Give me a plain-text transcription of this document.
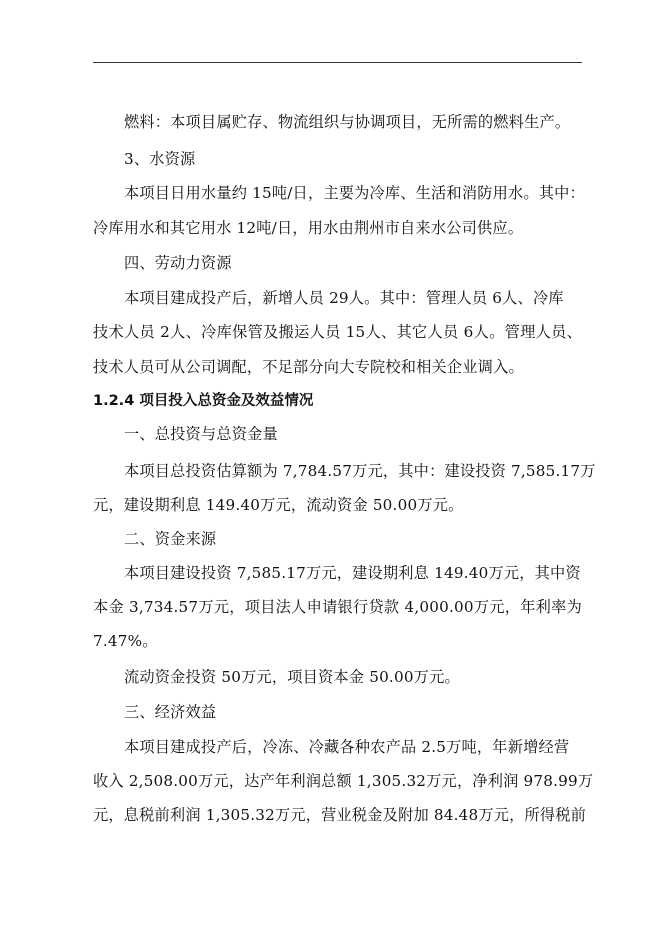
燃料：本项目属贮存、物流组织与协调项目，无所需的燃料生产。
3、水资源
本项目日用水量约 15吨/日，主要为冷库、生活和消防用水。其中：
冷库用水和其它用水 12吨/日，用水由荆州市自来水公司供应。
四、劳动力资源
本项目建成投产后，新增人员 29人。其中：管理人员 6人、冷库
技术人员 2人、冷库保管及搬运人员 15人、其它人员 6人。管理人员、
技术人员可从公司调配，不足部分向大专院校和相关企业调入。
1.2.4 项目投入总资金及效益情况
一、总投资与总资金量
本项目总投资估算额为 7,784.57万元，其中：建设投资 7,585.17万
元，建设期利息 149.40万元，流动资金 50.00万元。
二、资金来源
本项目建设投资 7,585.17万元，建设期利息 149.40万元，其中资
本金 3,734.57万元，项目法人申请银行贷款 4,000.00万元，年利率为
7.47%。
流动资金投资 50万元，项目资本金 50.00万元。
三、经济效益
本项目建成投产后，冷冻、冷藏各种农产品 2.5万吨，年新增经营
收入 2,508.00万元，达产年利润总额 1,305.32万元，净利润 978.99万
元，息税前利润 1,305.32万元，营业税金及附加 84.48万元，所得税前
